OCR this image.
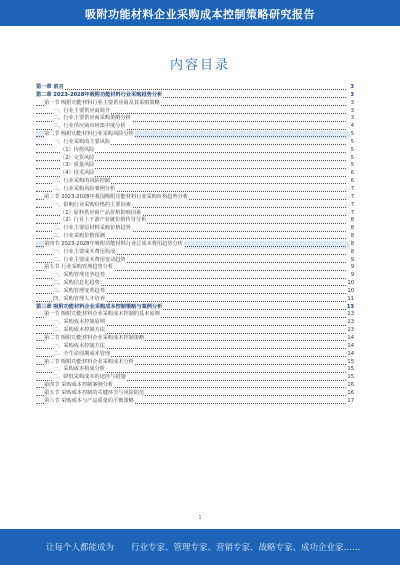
吸附功能材料企业采购成本控制策略研究报告
内容目录
第一章 前言	3
第二章 2023-2028年吸附功能材料行业采购趋势分析	3
第一节 吸附功能材料行业主要供应商及其采购策略	3
一、行业主要供应商简介	3
二、行业主要供应商采购策略分析	3
三、行业供应商市场集中度分析	4
第二节 吸附功能材料行业采购风险分析	5
一、行业采购的主要风险	5
（1）价格风险	5
（2）交货风险	5
（3）质量风险	5
（4）技术风险	6
二、行业采购的风险控制	6
三、行业采购风险案例分析	7
第三节 2023-2028年我国吸附功能材料行业采购价格趋势分析	7
一、影响行业采购价格的主要因素	7
（1）原料供应商产品价格影响因素	7
（2）行业上下游产业链价格传导分析	8
二、行业主要原材料采购价格趋势	8
三、行业采购价格预测	8
第四节 2023-2028年吸附功能材料行业总成本费用趋势分析	8
一、行业主要成本费用构成	8
二、行业主要成本费用变动趋势	9
第五节 行业采购管理趋势分析	9
一、采购管理竞争趋势	9
二、采购信息化趋势	10
三、采购管理变革趋势	10
四、采购管理人才培养	11
第三章 吸附功能材料企业采购成本控制策略与案例分析	13
第一节 吸附功能材料企业采购成本控制的基本原则	13
一、采购成本控制原则	13
二、采购成本控制方法	13
第二节 吸附功能材料企业采购成本控制策略	14
一、采购成本控制方法	14
二、全生命周期成本管理	14
第三节 吸附功能材料企业采购成本分析	15
一、采购成本构成分析	15
二、降低采购成本的途径与措施	15
第四节 采购成本控制案例分析	16
第五节 采购成本控制的关键环节与风险防范	16
第六节 采购成本与产品质量的平衡策略	17
1
让每个人都能成为　　行业专家、管理专家、营销专家、战略专家、成功企业家……
